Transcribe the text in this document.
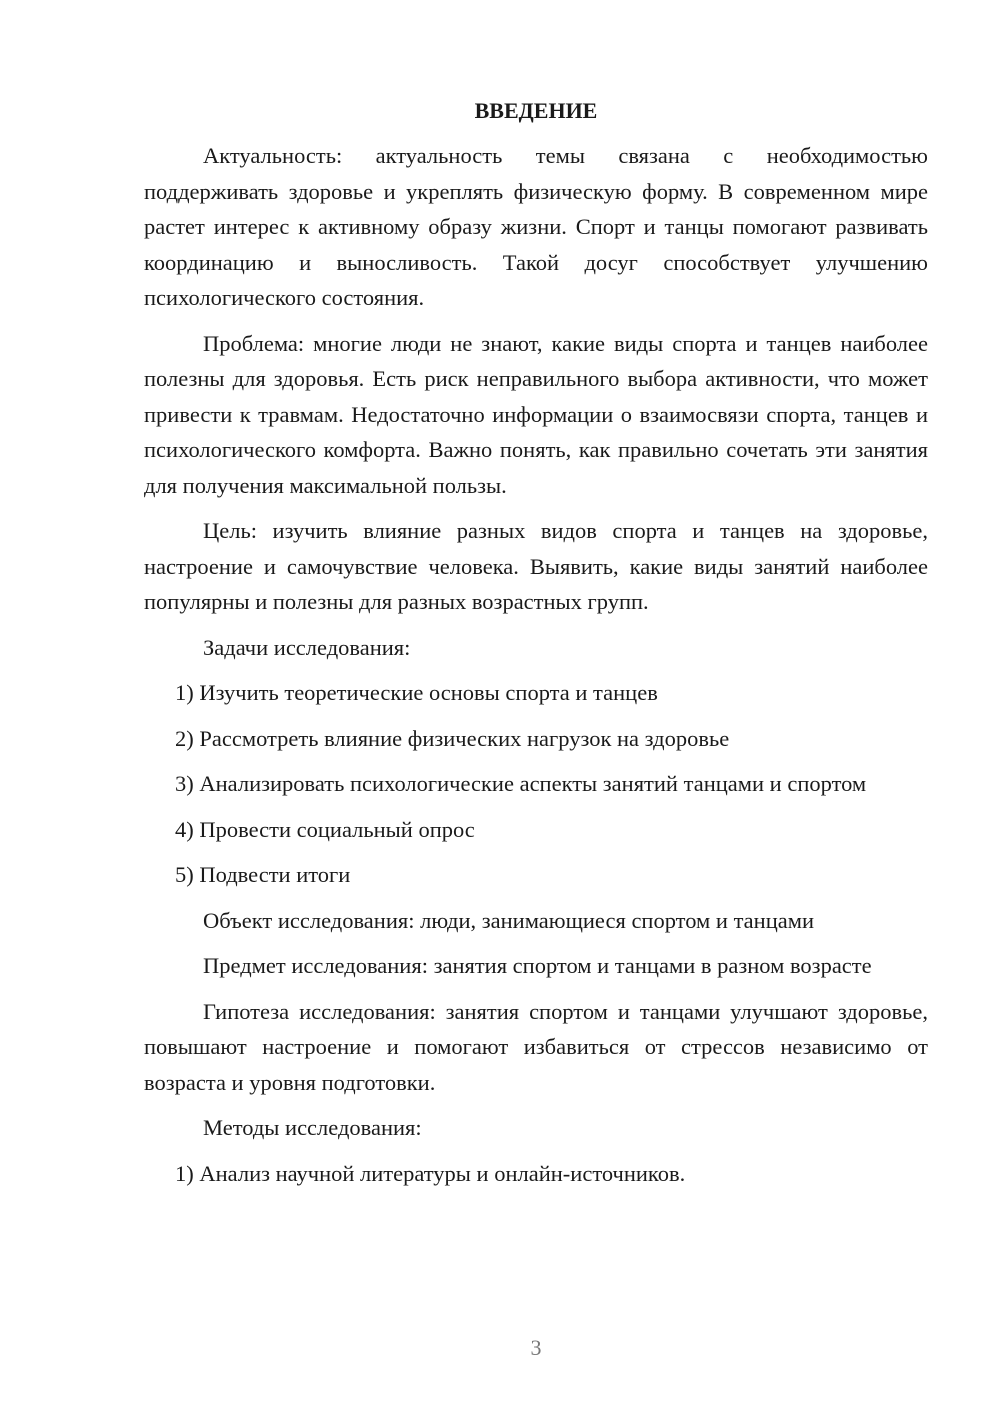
ВВЕДЕНИЕ

Актуальность: актуальность темы связана с необходимостью поддерживать здоровье и укреплять физическую форму. В современном мире растет интерес к активному образу жизни. Спорт и танцы помогают развивать координацию и выносливость. Такой досуг способствует улучшению психологического состояния.

Проблема: многие люди не знают, какие виды спорта и танцев наиболее полезны для здоровья. Есть риск неправильного выбора активности, что может привести к травмам. Недостаточно информации о взаимосвязи спорта, танцев и психологического комфорта. Важно понять, как правильно сочетать эти занятия для получения максимальной пользы.

Цель: изучить влияние разных видов спорта и танцев на здоровье, настроение и самочувствие человека. Выявить, какие виды занятий наиболее популярны и полезны для разных возрастных групп.

Задачи исследования:

1) Изучить теоретические основы спорта и танцев

2) Рассмотреть влияние физических нагрузок на здоровье

3) Анализировать психологические аспекты занятий танцами и спортом

4) Провести социальный опрос

5) Подвести итоги

Объект исследования: люди, занимающиеся спортом и танцами

Предмет исследования: занятия спортом и танцами в разном возрасте

Гипотеза исследования: занятия спортом и танцами улучшают здоровье, повышают настроение и помогают избавиться от стрессов независимо от возраста и уровня подготовки.

Методы исследования:

1) Анализ научной литературы и онлайн-источников.

3
